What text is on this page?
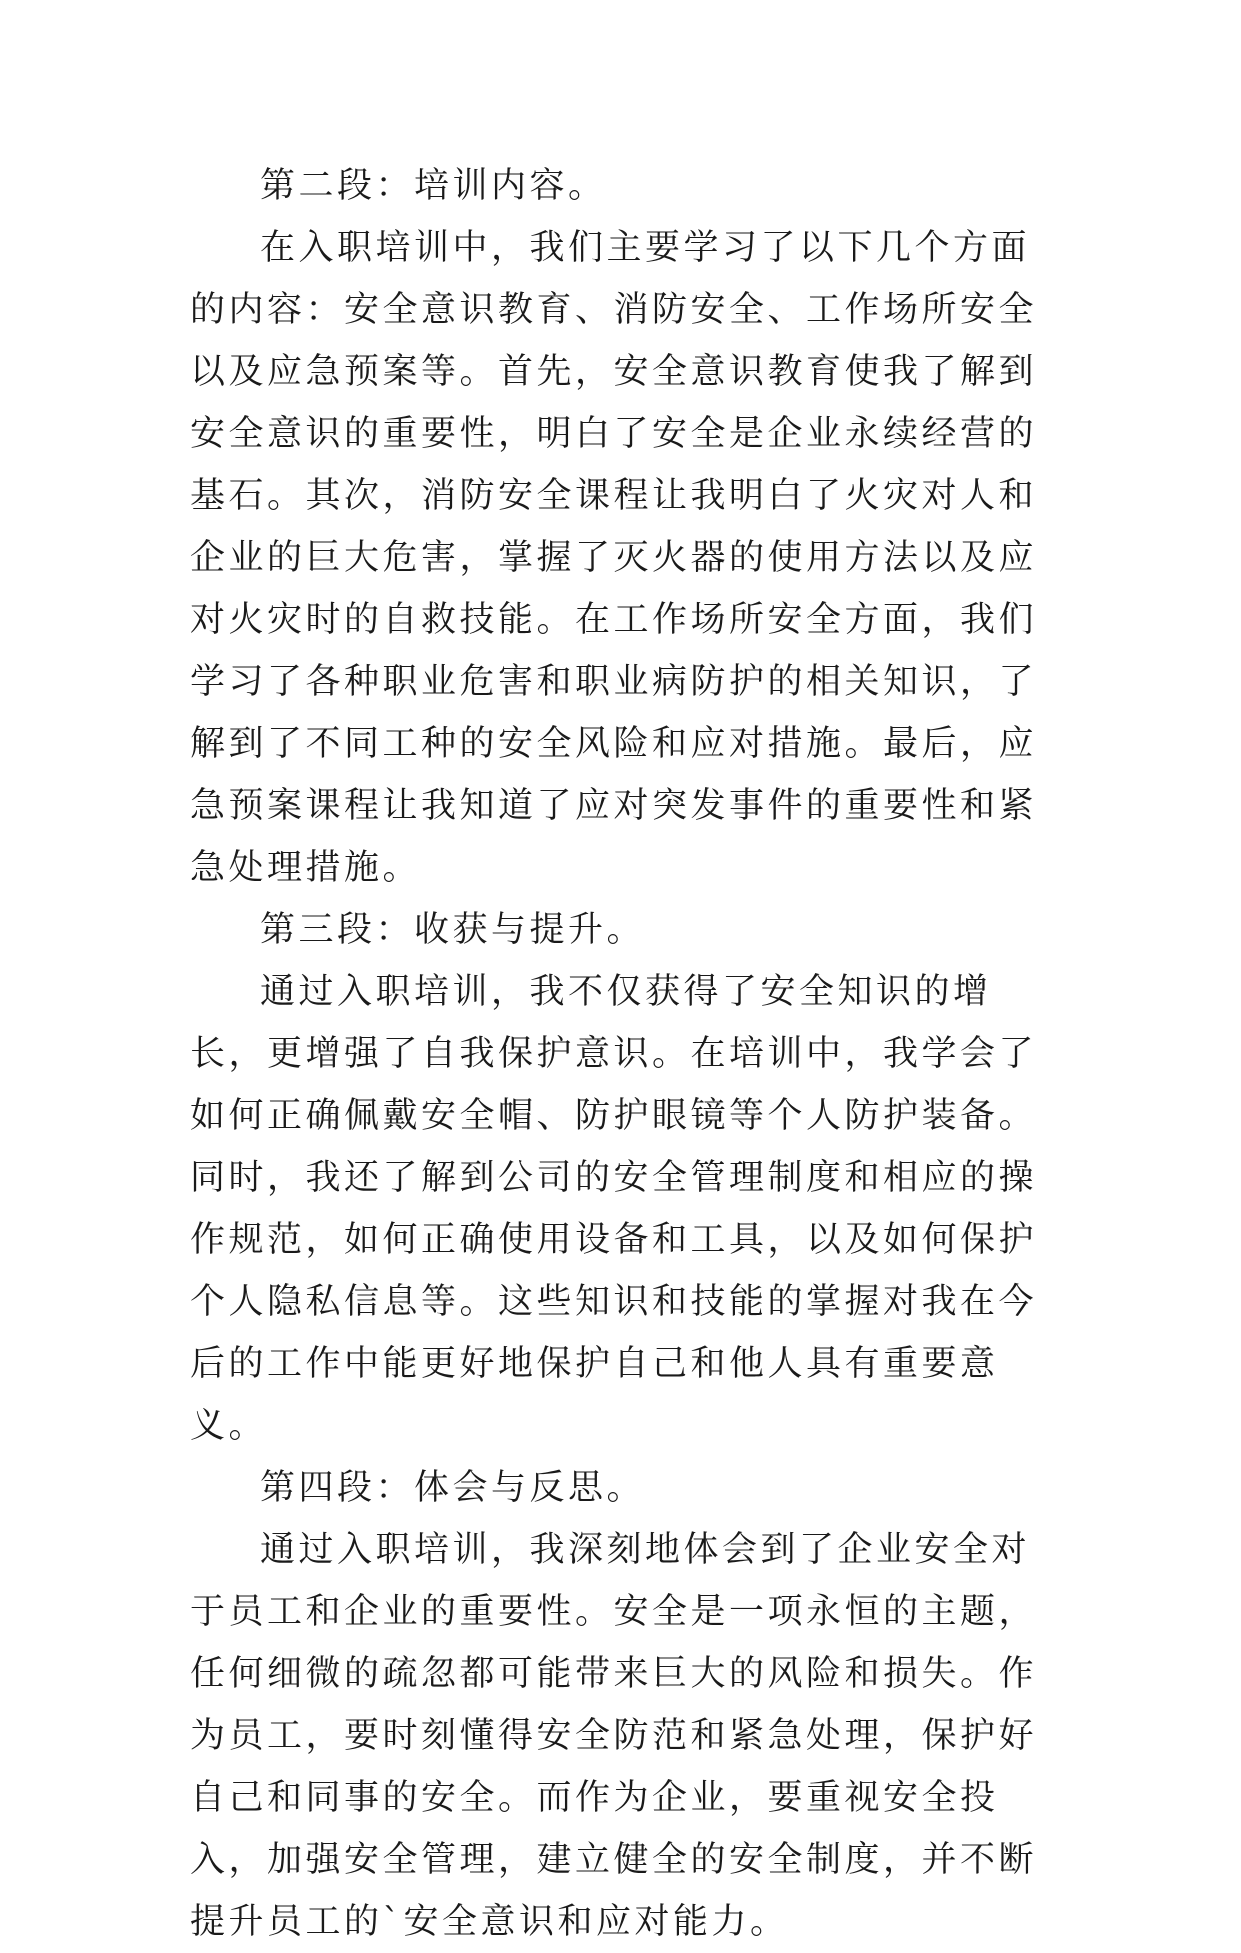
第二段：培训内容。

在入职培训中，我们主要学习了以下几个方面的内容：安全意识教育、消防安全、工作场所安全以及应急预案等。首先，安全意识教育使我了解到安全意识的重要性，明白了安全是企业永续经营的基石。其次，消防安全课程让我明白了火灾对人和企业的巨大危害，掌握了灭火器的使用方法以及应对火灾时的自救技能。在工作场所安全方面，我们学习了各种职业危害和职业病防护的相关知识，了解到了不同工种的安全风险和应对措施。最后，应急预案课程让我知道了应对突发事件的重要性和紧急处理措施。

第三段：收获与提升。

通过入职培训，我不仅获得了安全知识的增长，更增强了自我保护意识。在培训中，我学会了如何正确佩戴安全帽、防护眼镜等个人防护装备。同时，我还了解到公司的安全管理制度和相应的操作规范，如何正确使用设备和工具，以及如何保护个人隐私信息等。这些知识和技能的掌握对我在今后的工作中能更好地保护自己和他人具有重要意义。

第四段：体会与反思。

通过入职培训，我深刻地体会到了企业安全对于员工和企业的重要性。安全是一项永恒的主题，任何细微的疏忽都可能带来巨大的风险和损失。作为员工，要时刻懂得安全防范和紧急处理，保护好自己和同事的安全。而作为企业，要重视安全投入，加强安全管理，建立健全的安全制度，并不断提升员工的`安全意识和应对能力。
